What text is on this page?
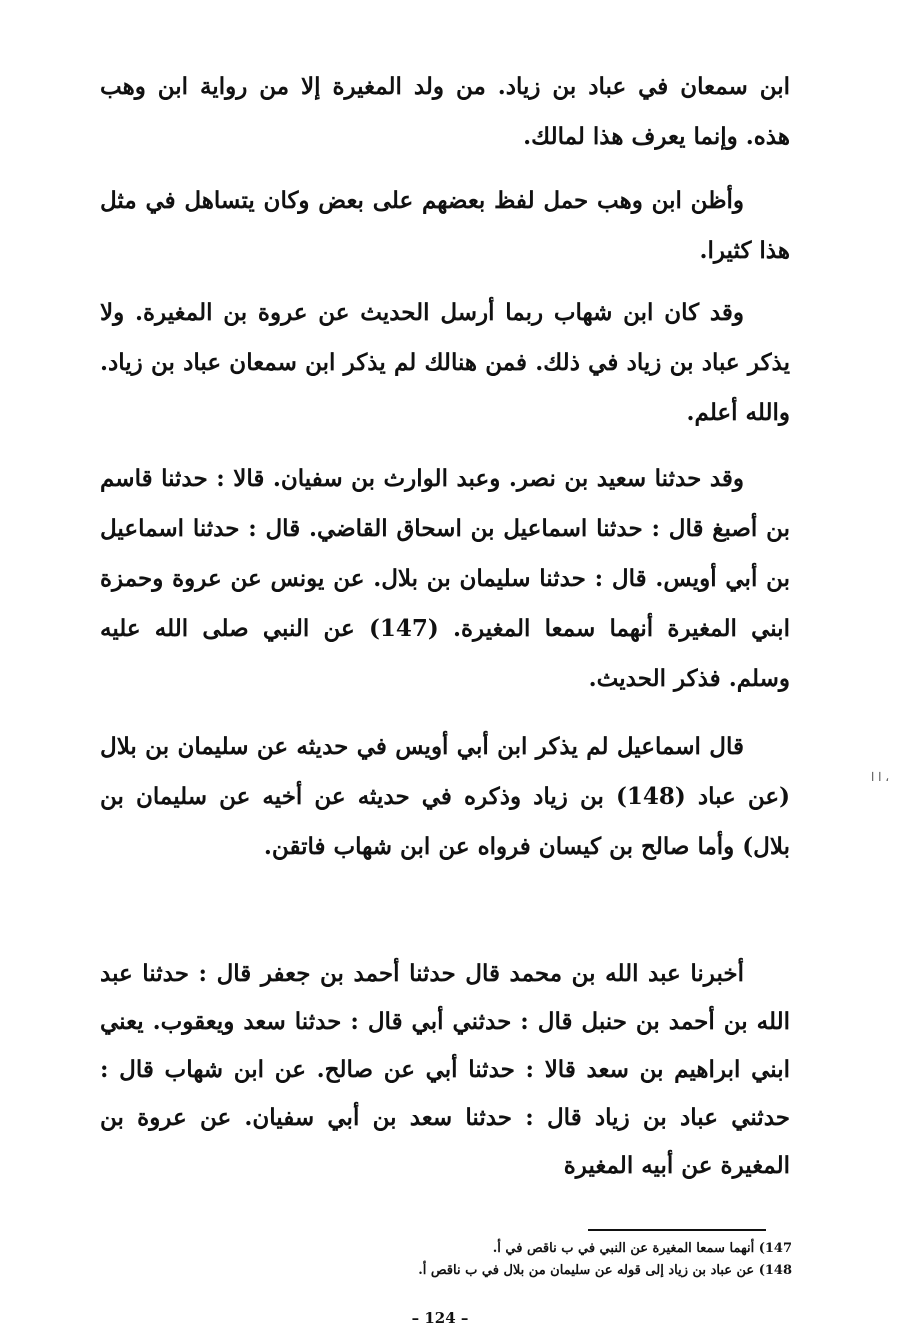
ابن سمعان في عباد بن زياد. من ولد المغيرة إلا من رواية ابن وهب هذه. وإنما يعرف هذا لمالك.

وأظن ابن وهب حمل لفظ بعضهم على بعض وكان يتساهل في مثل هذا كثيرا.

وقد كان ابن شهاب ربما أرسل الحديث عن عروة بن المغيرة. ولا يذكر عباد بن زياد في ذلك. فمن هنالك لم يذكر ابن سمعان عباد بن زياد. والله أعلم.

وقد حدثنا سعيد بن نصر. وعبد الوارث بن سفيان. قالا : حدثنا قاسم بن أصبغ قال : حدثنا اسماعيل بن اسحاق القاضي. قال : حدثنا اسماعيل بن أبي أويس. قال : حدثنا سليمان بن بلال. عن يونس عن عروة وحمزة ابني المغيرة أنهما سمعا المغيرة. (147) عن النبي صلى الله عليه وسلم. فذكر الحديث.

قال اسماعيل لم يذكر ابن أبي أويس في حديثه عن سليمان بن بلال (عن عباد (148) بن زياد وذكره في حديثه عن أخيه عن سليمان بن بلال) وأما صالح بن كيسان فرواه عن ابن شهاب فاتقن.

أخبرنا عبد الله بن محمد قال حدثنا أحمد بن جعفر قال : حدثنا عبد الله بن أحمد بن حنبل قال : حدثني أبي قال : حدثنا سعد ويعقوب. يعني ابني ابراهيم بن سعد قالا : حدثنا أبي عن صالح. عن ابن شهاب قال : حدثني عباد بن زياد قال : حدثنا سعد بن أبي سفيان. عن عروة بن المغيرة عن أبيه المغيرة

147) أنهما سمعا المغيرة عن النبي في ب ناقص في أ.

148) عن عباد بن زياد إلى قوله عن سليمان من بلال في ب ناقص أ.

– 124 –
ا ا ،
